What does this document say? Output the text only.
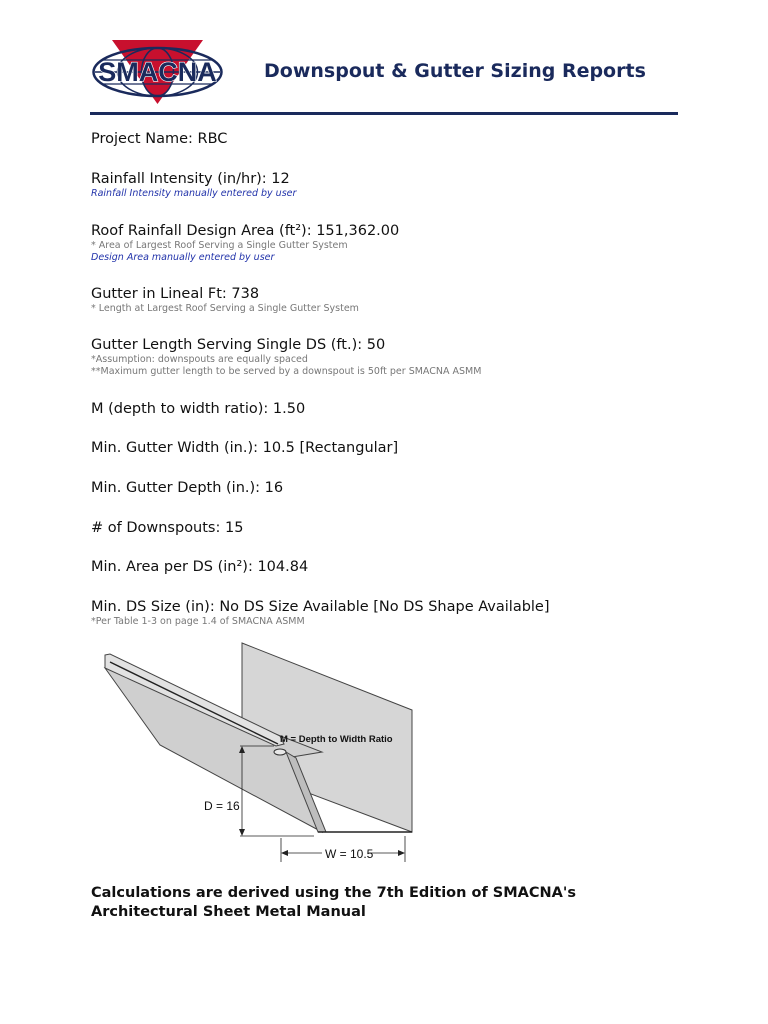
SMACNA Downspout & Gutter Sizing Reports
Project Name: RBC
Rainfall Intensity (in/hr): 12
Rainfall Intensity manually entered by user
Roof Rainfall Design Area (ft²): 151,362.00
* Area of Largest Roof Serving a Single Gutter System
Design Area manually entered by user
Gutter in Lineal Ft: 738
* Length at Largest Roof Serving a Single Gutter System
Gutter Length Serving Single DS (ft.): 50
*Assumption: downspouts are equally spaced
**Maximum gutter length to be served by a downspout is 50ft per SMACNA ASMM
M (depth to width ratio): 1.50
Min. Gutter Width (in.): 10.5 [Rectangular]
Min. Gutter Depth (in.): 16
# of Downspouts: 15
Min. Area per DS (in²): 104.84
Min. DS Size (in): No DS Size Available [No DS Shape Available]
*Per Table 1-3 on page 1.4 of SMACNA ASMM
M = Depth to Width Ratio
D = 16
W = 10.5
Calculations are derived using the 7th Edition of SMACNA's
Architectural Sheet Metal Manual
